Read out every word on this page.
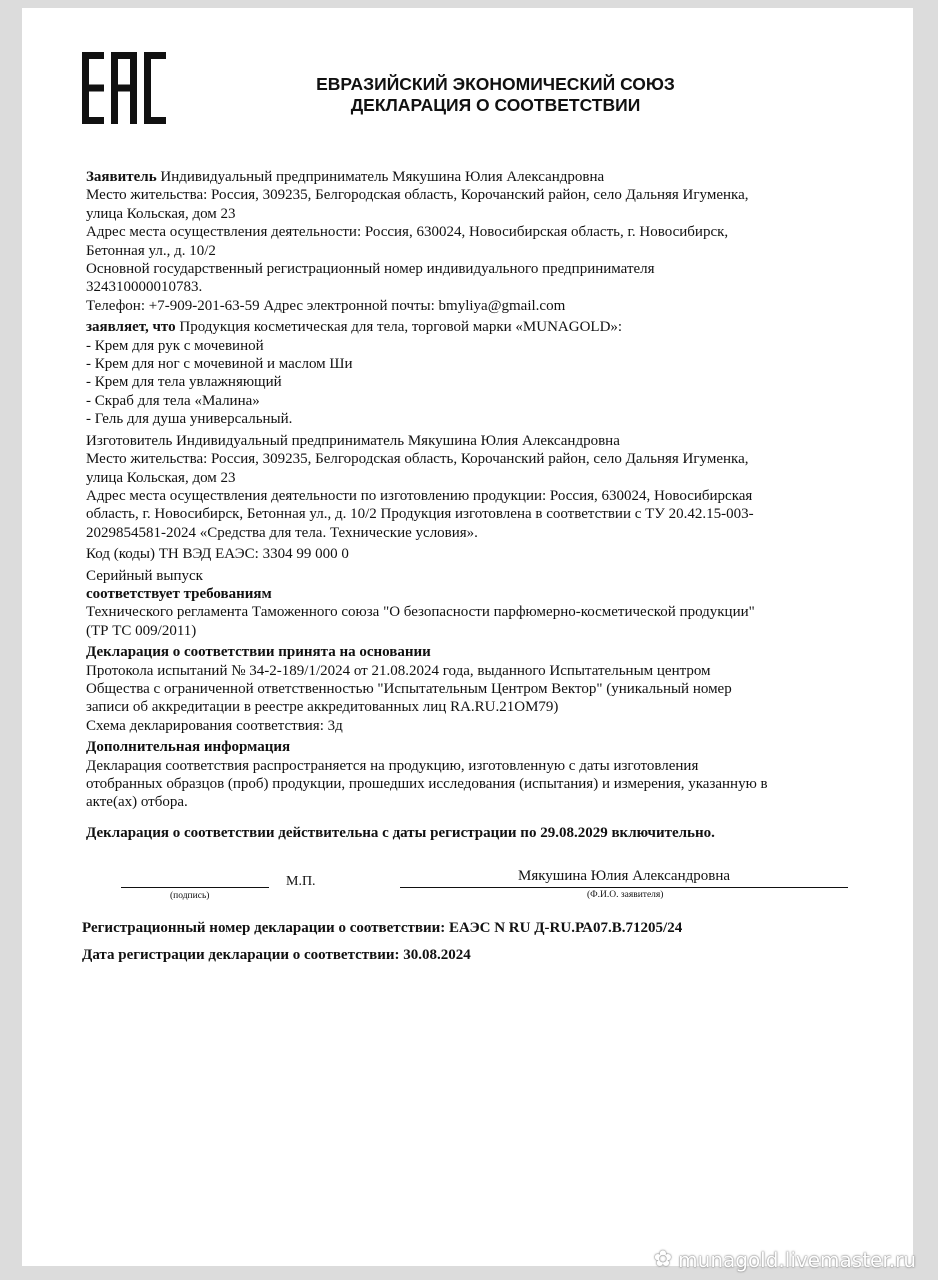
ЕВРАЗИЙСКИЙ ЭКОНОМИЧЕСКИЙ СОЮЗ
ДЕКЛАРАЦИЯ О СООТВЕТСТВИИ

Заявитель Индивидуальный предприниматель Мякушина Юлия Александровна

Место жительства: Россия, 309235, Белгородская область, Корочанский район, село Дальняя Игуменка,

улица Кольская, дом 23

Адрес места осуществления деятельности: Россия, 630024, Новосибирская область, г. Новосибирск,

Бетонная ул., д. 10/2

Основной государственный регистрационный номер индивидуального предпринимателя

324310000010783.

Телефон: +7-909-201-63-59 Адрес электронной почты: bmyliya@gmail.com

заявляет, что Продукция косметическая для тела, торговой марки «MUNAGOLD»:

- Крем для рук с мочевиной

- Крем для ног с мочевиной и маслом Ши

- Крем для тела увлажняющий

- Скраб для тела «Малина»

- Гель для душа универсальный.

Изготовитель Индивидуальный предприниматель Мякушина Юлия Александровна

Место жительства: Россия, 309235, Белгородская область, Корочанский район, село Дальняя Игуменка,

улица Кольская, дом 23

Адрес места осуществления деятельности по изготовлению продукции: Россия, 630024, Новосибирская

область, г. Новосибирск, Бетонная ул., д. 10/2 Продукция изготовлена в соответствии с ТУ 20.42.15-003-

2029854581-2024 «Средства для тела. Технические условия».

Код (коды) ТН ВЭД ЕАЭС: 3304 99 000 0

Серийный выпуск

соответствует требованиям

Технического регламента Таможенного союза "О безопасности парфюмерно-косметической продукции"

(ТР ТС 009/2011)

Декларация о соответствии принята на основании

Протокола испытаний № 34-2-189/1/2024 от 21.08.2024 года, выданного Испытательным центром

Общества с ограниченной ответственностью "Испытательным Центром Вектор" (уникальный номер

записи об аккредитации в реестре аккредитованных лиц RA.RU.21OM79)

Схема декларирования соответствия: 3д

Дополнительная информация

Декларация соответствия распространяется на продукцию, изготовленную с даты изготовления

отобранных образцов (проб) продукции, прошедших исследования (испытания) и измерения, указанную в

акте(ах) отбора.

Декларация о соответствии действительна с даты регистрации по 29.08.2029 включительно.

(подпись)
М.П.	Мякушина Юлия Александровна
(Ф.И.О. заявителя)
Регистрационный номер декларации о соответствии: ЕАЭС N RU Д-RU.РА07.В.71205/24
Дата регистрации декларации о соответствии: 30.08.2024
✿ munagold.livemaster.ru
